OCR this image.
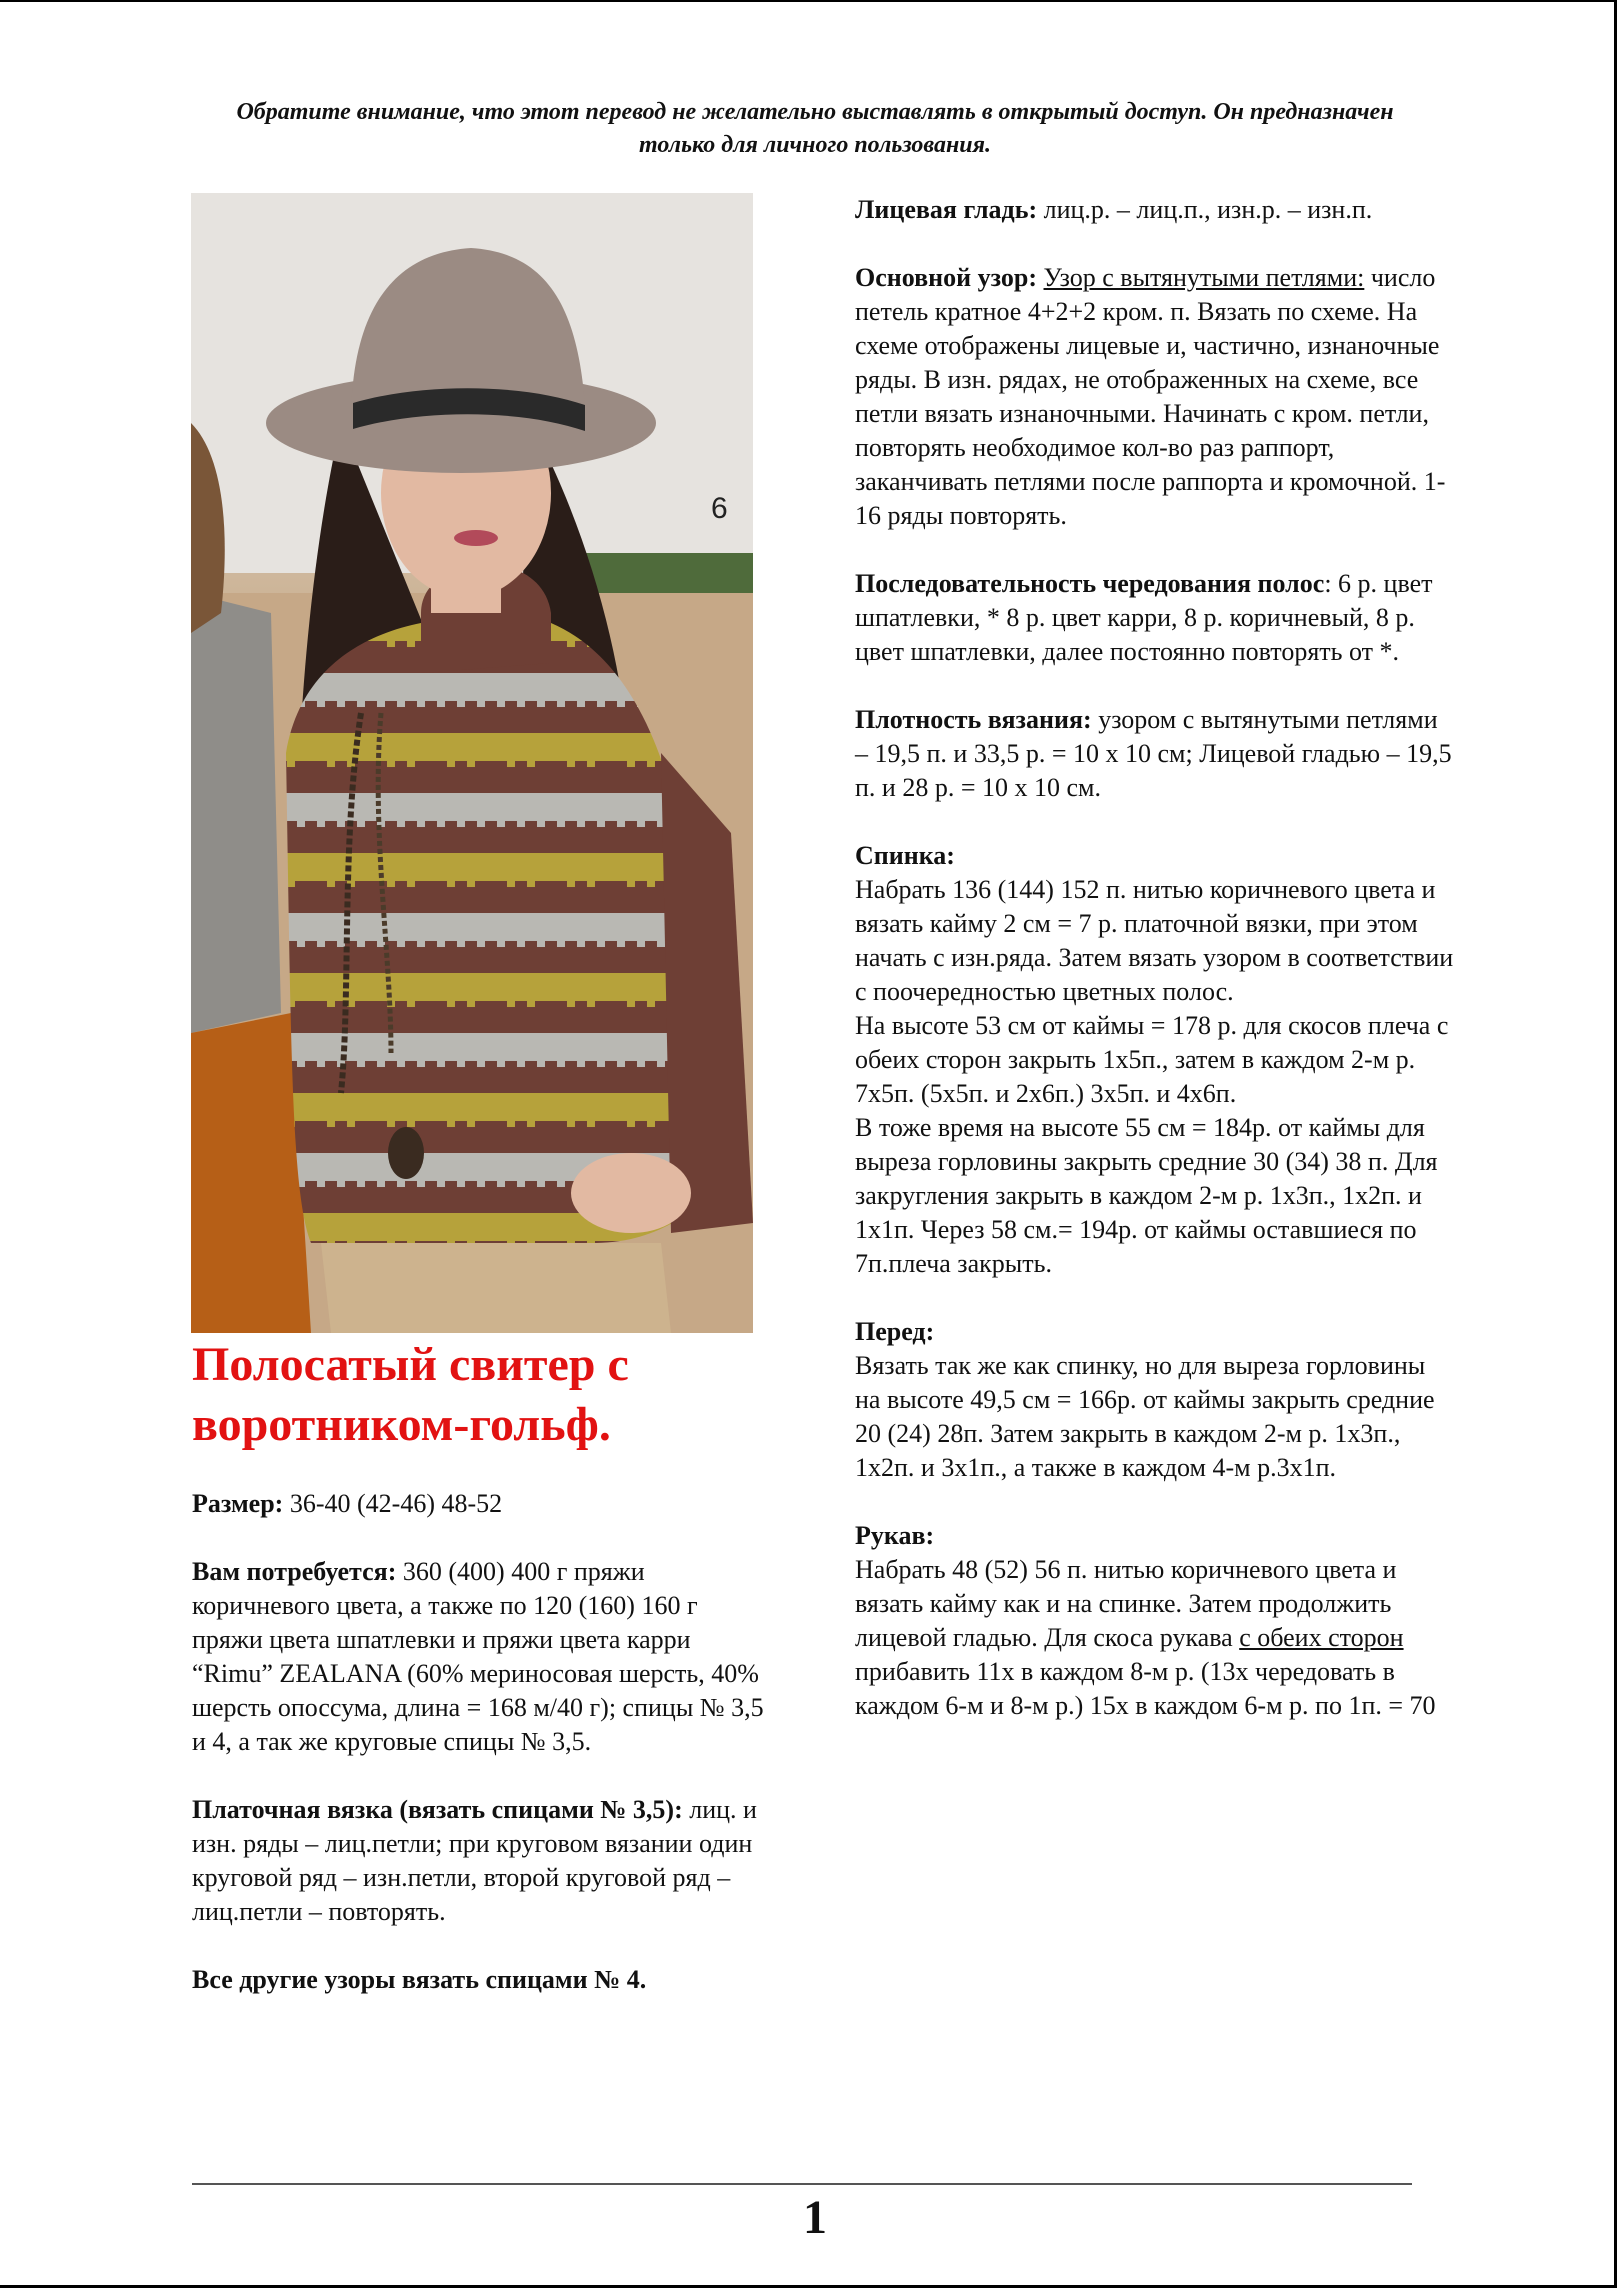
Обратите внимание, что этот перевод не желательно выставлять в открытый доступ. Он предназначен только для личного пользования.
6
Полосатый свитер с воротником-гольф.

Размер: 36-40 (42-46) 48-52

Вам потребуется: 360 (400) 400 г пряжи коричневого цвета, а также по 120 (160) 160 г пряжи цвета шпатлевки и пряжи цвета карри “Rimu” ZEALANA (60% мериносовая шерсть, 40% шерсть опоссума, длина = 168 м/40 г); спицы № 3,5 и 4, а так же круговые спицы № 3,5.

Платочная вязка (вязать спицами № 3,5): лиц. и изн. ряды – лиц.петли; при круговом вязании один круговой ряд – изн.петли, второй круговой ряд – лиц.петли – повторять.

Все другие узоры вязать спицами № 4.

Лицевая гладь: лиц.р. – лиц.п., изн.р. – изн.п.

Основной узор: Узор с вытянутыми петлями: число петель кратное 4+2+2 кром. п. Вязать по схеме. На схеме отображены лицевые и, частично, изнаночные ряды. В изн. рядах, не отображенных на схеме, все петли вязать изнаночными. Начинать с кром. петли, повторять необходимое кол-во раз раппорт, заканчивать петлями после раппорта и кромочной. 1-16 ряды повторять.

Последовательность чередования полос: 6 р. цвет шпатлевки, * 8 р. цвет карри, 8 р. коричневый, 8 р. цвет шпатлевки, далее постоянно повторять от *.

Плотность вязания: узором с вытянутыми петлями – 19,5 п. и 33,5 р. = 10 х 10 см; Лицевой гладью – 19,5 п. и 28 р. = 10 х 10 см.

Спинка:

Набрать 136 (144) 152 п. нитью коричневого цвета и вязать кайму 2 см = 7 р. платочной вязки, при этом начать с изн.ряда. Затем вязать узором в соответствии с поочередностью цветных полос.

На высоте 53 см от каймы = 178 р. для скосов плеча с обеих сторон закрыть 1х5п., затем в каждом 2-м р. 7х5п. (5х5п. и 2х6п.) 3х5п. и 4х6п.

В тоже время на высоте 55 см = 184р. от каймы для выреза горловины закрыть средние 30 (34) 38 п. Для закругления закрыть в каждом 2-м р. 1х3п., 1х2п. и 1х1п. Через 58 см.= 194р. от каймы оставшиеся по 7п.плеча закрыть.

Перед:

Вязать так же как спинку, но для выреза горловины на высоте 49,5 см = 166р. от каймы закрыть средние 20 (24) 28п. Затем закрыть в каждом 2-м р. 1х3п., 1х2п. и 3х1п., а также в каждом 4-м р.3х1п.

Рукав:

Набрать 48 (52) 56 п. нитью коричневого цвета и вязать кайму как и на спинке. Затем продолжить лицевой гладью. Для скоса рукава с обеих сторон прибавить 11х в каждом 8-м р. (13х чередовать в каждом 6-м и 8-м р.) 15х в каждом 6-м р. по 1п. = 70

1
